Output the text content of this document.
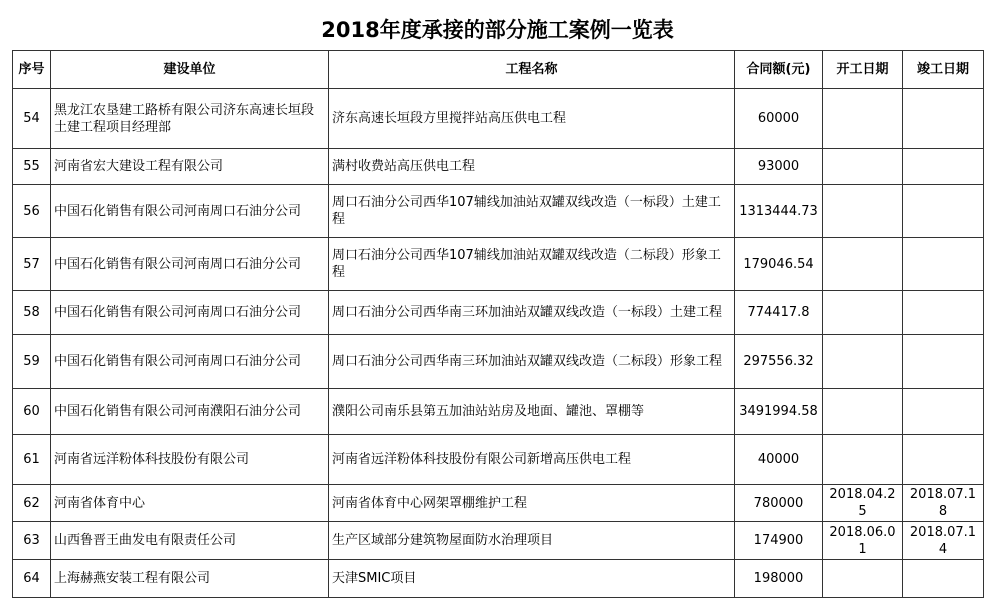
2018年度承接的部分施工案例一览表
序号	建设单位	工程名称	合同额(元)	开工日期	竣工日期
54	黑龙江农垦建工路桥有限公司济东高速长垣段土建工程项目经理部	济东高速长垣段方里搅拌站高压供电工程	60000		
55	河南省宏大建设工程有限公司	满村收费站高压供电工程	93000		
56	中国石化销售有限公司河南周口石油分公司	周口石油分公司西华107辅线加油站双罐双线改造（一标段）土建工程	1313444.73		
57	中国石化销售有限公司河南周口石油分公司	周口石油分公司西华107辅线加油站双罐双线改造（二标段）形象工程	179046.54		
58	中国石化销售有限公司河南周口石油分公司	周口石油分公司西华南三环加油站双罐双线改造（一标段）土建工程	774417.8		
59	中国石化销售有限公司河南周口石油分公司	周口石油分公司西华南三环加油站双罐双线改造（二标段）形象工程	297556.32		
60	中国石化销售有限公司河南濮阳石油分公司	濮阳公司南乐县第五加油站站房及地面、罐池、罩棚等	3491994.58		
61	河南省远洋粉体科技股份有限公司	河南省远洋粉体科技股份有限公司新增高压供电工程	40000		
62	河南省体育中心	河南省体育中心网架罩棚维护工程	780000	2018.04.25	2018.07.18
63	山西鲁晋王曲发电有限责任公司	生产区域部分建筑物屋面防水治理项目	174900	2018.06.01	2018.07.14
64	上海赫燕安装工程有限公司	天津SMIC项目	198000		
